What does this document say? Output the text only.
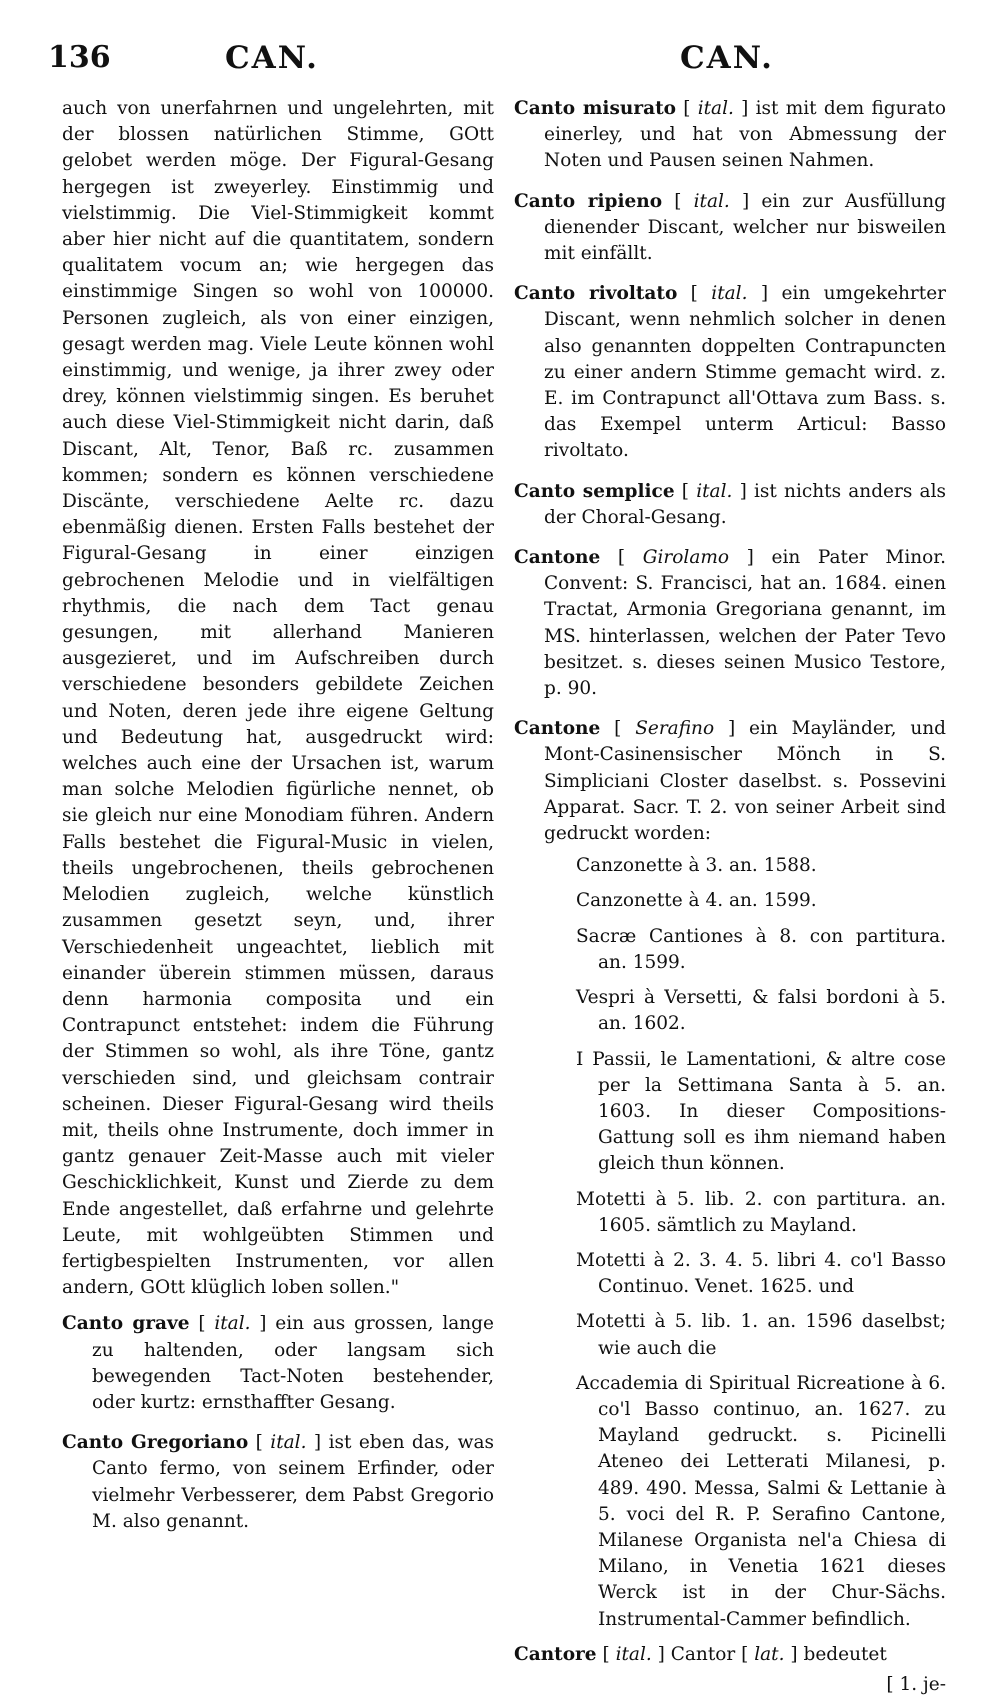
136	CAN.	CAN.

auch von unerfahrnen und ungelehrten, mit der blossen natürlichen Stimme, GOtt gelobet werden möge. Der Figural-Gesang hergegen ist zweyerley. Einstimmig und vielstimmig. Die Viel-Stimmigkeit kommt aber hier nicht auf die quantitatem, sondern qualitatem vocum an; wie hergegen das einstimmige Singen so wohl von 100000. Personen zugleich, als von einer einzigen, gesagt werden mag. Viele Leute können wohl einstimmig, und wenige, ja ihrer zwey oder drey, können vielstimmig singen. Es beruhet auch diese Viel-Stimmigkeit nicht darin, daß Discant, Alt, Tenor, Baß rc. zusammen kommen; sondern es können verschiedene Discänte, verschiedene Aelte rc. dazu ebenmäßig dienen. Ersten Falls bestehet der Figural-Gesang in einer einzigen gebrochenen Melodie und in vielfältigen rhythmis, die nach dem Tact genau gesungen, mit allerhand Manieren ausgezieret, und im Aufschreiben durch verschiedene besonders gebildete Zeichen und Noten, deren jede ihre eigene Geltung und Bedeutung hat, ausgedruckt wird: welches auch eine der Ursachen ist, warum man solche Melodien figürliche nennet, ob sie gleich nur eine Monodiam führen. Andern Falls bestehet die Figural-Music in vielen, theils ungebrochenen, theils gebrochenen Melodien zugleich, welche künstlich zusammen gesetzt seyn, und, ihrer Verschiedenheit ungeachtet, lieblich mit einander überein stimmen müssen, daraus denn harmonia composita und ein Contrapunct entstehet: indem die Führung der Stimmen so wohl, als ihre Töne, gantz verschieden sind, und gleichsam contrair scheinen. Dieser Figural-Gesang wird theils mit, theils ohne Instrumente, doch immer in gantz genauer Zeit-Masse auch mit vieler Geschicklichkeit, Kunst und Zierde zu dem Ende angestellet, daß erfahrne und gelehrte Leute, mit wohlgeübten Stimmen und fertigbespielten Instrumenten, vor allen andern, GOtt klüglich loben sollen."

Canto grave [ ital. ] ein aus grossen, lange zu haltenden, oder langsam sich bewegenden Tact-Noten bestehender, oder kurtz: ernsthaffter Gesang.

Canto Gregoriano [ ital. ] ist eben das, was Canto fermo, von seinem Erfinder, oder vielmehr Verbesserer, dem Pabst Gregorio M. also genannt.

Canto misurato [ ital. ] ist mit dem figurato einerley, und hat von Abmessung der Noten und Pausen seinen Nahmen.

Canto ripieno [ ital. ] ein zur Ausfüllung dienender Discant, welcher nur bisweilen mit einfällt.

Canto rivoltato [ ital. ] ein umgekehrter Discant, wenn nehmlich solcher in denen also genannten doppelten Contrapuncten zu einer andern Stimme gemacht wird. z. E. im Contrapunct all'Ottava zum Bass. s. das Exempel unterm Articul: Basso rivoltato.

Canto semplice [ ital. ] ist nichts anders als der Choral-Gesang.

Cantone [ Girolamo ] ein Pater Minor. Convent: S. Francisci, hat an. 1684. einen Tractat, Armonia Gregoriana genannt, im MS. hinterlassen, welchen der Pater Tevo besitzet. s. dieses seinen Musico Testore, p. 90.

Cantone [ Serafino ] ein Mayländer, und Mont-Casinensischer Mönch in S. Simpliciani Closter daselbst. s. Possevini Apparat. Sacr. T. 2. von seiner Arbeit sind gedruckt worden:

Canzonette à 3. an. 1588.
Canzonette à 4. an. 1599.
Sacræ Cantiones à 8. con partitura. an. 1599.
Vespri à Versetti, & falsi bordoni à 5. an. 1602.
I Passii, le Lamentationi, & altre cose per la Settimana Santa à 5. an. 1603. In dieser Compositions-Gattung soll es ihm niemand haben gleich thun können.
Motetti à 5. lib. 2. con partitura. an. 1605. sämtlich zu Mayland.
Motetti à 2. 3. 4. 5. libri 4. co'l Basso Continuo. Venet. 1625. und
Motetti à 5. lib. 1. an. 1596 daselbst; wie auch die
Accademia di Spiritual Ricreatione à 6. co'l Basso continuo, an. 1627. zu Mayland gedruckt. s. Picinelli Ateneo dei Letterati Milanesi, p. 489. 490. Messa, Salmi & Lettanie à 5. voci del R. P. Serafino Cantone, Milanese Organista nel'a Chiesa di Milano, in Venetia 1621 dieses Werck ist in der Chur-Sächs. Instrumental-Cammer befindlich.

Cantore [ ital. ] Cantor [ lat. ] bedeutet

[ 1. je-
